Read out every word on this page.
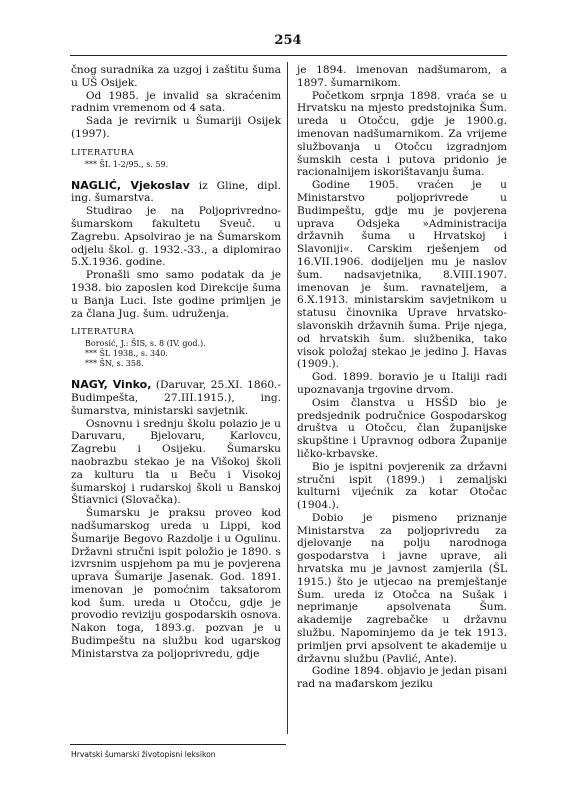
254

čnog suradnika za uzgoj i zaštitu šuma u UŠ Osijek.

Od 1985. je invalid sa skraćenim radnim vremenom od 4 sata.

Sada je revirnik u Šumariji Osijek (1997).

LITERATURA
*** ŠL 1-2/95., s. 59.

NAGLIĆ, Vjekoslav iz Gline, dipl. ing. šumarstva.

Studirao je na Poljoprivredno-šumarskom fakultetu Sveuč. u Zagrebu. Apsolvirao je na Šumarskom odjelu škol. g. 1932.-33., a diplomirao 5.X.1936. godine.

Pronašli smo samo podatak da je 1938. bio zaposlen kod Direkcije šuma u Banja Luci. Iste godine primljen je za člana Jug. šum. udruženja.

LITERATURA
Borosić, J.: ŠIS, s. 8 (IV. god.).
*** ŠL 1938., s. 340.
*** ŠN, s. 358.

NAGY, Vinko, (Daruvar, 25.XI. 1860.-Budimpešta, 27.III.1915.), ing. šumarstva, ministarski savjetnik.

Osnovnu i srednju školu polazio je u Daruvaru, Bjelovaru, Karlovcu, Zagrebu i Osijeku. Šumarsku naobrazbu stekao je na Višokoj školi za kulturu tla u Beču i Visokoj šumarskoj i rudarskoj školi u Banskoj Štiavnici (Slovačka).

Šumarsku je praksu proveo kod nadšumarskog ureda u Lippi, kod Šumarije Begovo Razdolje i u Ogulinu. Državni stručni ispit položio je 1890. s izvrsnim uspjehom pa mu je povjerena uprava Šumarije Jasenak. God. 1891. imenovan je pomoćnim taksatorom kod šum. ureda u Otočcu, gdje je provodio reviziju gospodarskih osnova. Nakon toga, 1893.g. pozvan je u Budimpeštu na službu kod ugarskog Ministarstva za poljoprivredu, gdje

je 1894. imenovan nadšumarom, a 1897. šumarnikom.

Početkom srpnja 1898. vraća se u Hrvatsku na mjesto predstojnika Šum. ureda u Otočcu, gdje je 1900.g. imenovan nadšumarnikom. Za vrijeme službovanja u Otočcu izgradnjom šumskih cesta i putova pridonio je racionalnijem iskorištavanju šuma.

Godine 1905. vraćen je u Ministarstvo poljoprivrede u Budimpeštu, gdje mu je povjerena uprava Odsjeka »Administracija državnih šuma u Hrvatskoj i Slavoniji«. Carskim rješenjem od 16.VII.1906. dodijeljen mu je naslov šum. nadsavjetnika, 8.VIII.1907. imenovan je šum. ravnateljem, a 6.X.1913. ministarskim savjetnikom u statusu činovnika Uprave hrvatsko-slavonskih državnih šuma. Prije njega, od hrvatskih šum. službenika, tako visok položaj stekao je jedino J. Havas (1909.).

God. 1899. boravio je u Italiji radi upoznavanja trgovine drvom.

Osim članstva u HSŠD bio je predsjednik područnice Gospodarskog društva u Otočcu, član županijske skupštine i Upravnog odbora Županije ličko-krbavske.

Bio je ispitni povjerenik za državni stručni ispit (1899.) i zemaljski kulturni vijećnik za kotar Otočac (1904.).

Dobio je pismeno priznanje Ministarstva za poljoprivredu za djelovanje na polju narodnoga gospodarstva i javne uprave, ali hrvatska mu je javnost zamjerila (ŠL 1915.) što je utjecao na premještanje Šum. ureda iz Otočca na Sušak i neprimanje apsolvenata Šum. akademije zagrebačke u državnu službu. Napominjemo da je tek 1913. primljen prvi apsolvent te akademije u državnu službu (Pavlić, Ante).

Godine 1894. objavio je jedan pisani rad na mađarskom jeziku

Hrvatski šumarski životopisni leksikon
